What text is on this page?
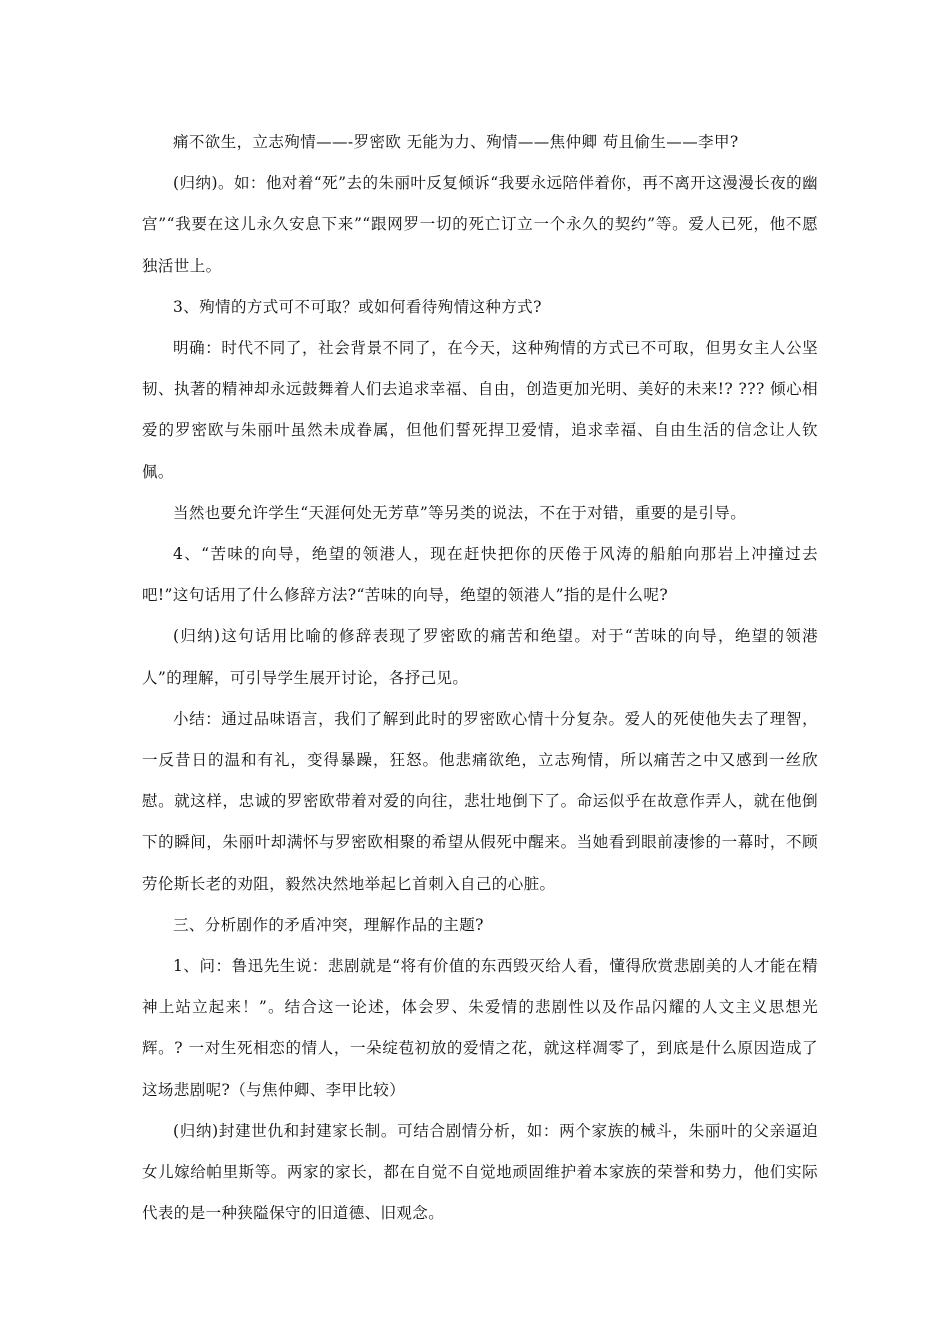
痛不欲生，立志殉情——-罗密欧 无能为力、殉情——焦仲卿 苟且偷生——李甲?

(归纳)。如：他对着“死”去的朱丽叶反复倾诉“我要永远陪伴着你，再不离开这漫漫长夜的幽宫”“我要在这儿永久安息下来”“跟网罗一切的死亡订立一个永久的契约”等。爱人已死，他不愿独活世上。

3、殉情的方式可不可取？或如何看待殉情这种方式?

明确：时代不同了，社会背景不同了，在今天，这种殉情的方式已不可取，但男女主人公坚韧、执著的精神却永远鼓舞着人们去追求幸福、自由，创造更加光明、美好的未来!? ??? 倾心相爱的罗密欧与朱丽叶虽然未成眷属，但他们誓死捍卫爱情，追求幸福、自由生活的信念让人钦佩。

当然也要允许学生“天涯何处无芳草”等另类的说法，不在于对错，重要的是引导。

4、“苦味的向导，绝望的领港人，现在赶快把你的厌倦于风涛的船舶向那岩上冲撞过去吧!”这句话用了什么修辞方法?“苦味的向导，绝望的领港人”指的是什么呢?

(归纳)这句话用比喻的修辞表现了罗密欧的痛苦和绝望。对于“苦味的向导，绝望的领港人”的理解，可引导学生展开讨论，各抒己见。

小结：通过品味语言，我们了解到此时的罗密欧心情十分复杂。爱人的死使他失去了理智，一反昔日的温和有礼，变得暴躁，狂怒。他悲痛欲绝，立志殉情，所以痛苦之中又感到一丝欣慰。就这样，忠诚的罗密欧带着对爱的向往，悲壮地倒下了。命运似乎在故意作弄人，就在他倒下的瞬间，朱丽叶却满怀与罗密欧相聚的希望从假死中醒来。当她看到眼前凄惨的一幕时，不顾劳伦斯长老的劝阻，毅然决然地举起匕首刺入自己的心脏。

三、分析剧作的矛盾冲突，理解作品的主题?

1、问：鲁迅先生说：悲剧就是“将有价值的东西毁灭给人看，懂得欣赏悲剧美的人才能在精神上站立起来！”。结合这一论述，体会罗、朱爱情的悲剧性以及作品闪耀的人文主义思想光辉。? 一对生死相恋的情人，一朵绽苞初放的爱情之花，就这样凋零了，到底是什么原因造成了这场悲剧呢?（与焦仲卿、李甲比较）

(归纳)封建世仇和封建家长制。可结合剧情分析，如：两个家族的械斗，朱丽叶的父亲逼迫女儿嫁给帕里斯等。两家的家长，都在自觉不自觉地顽固维护着本家族的荣誉和势力，他们实际代表的是一种狭隘保守的旧道德、旧观念。
